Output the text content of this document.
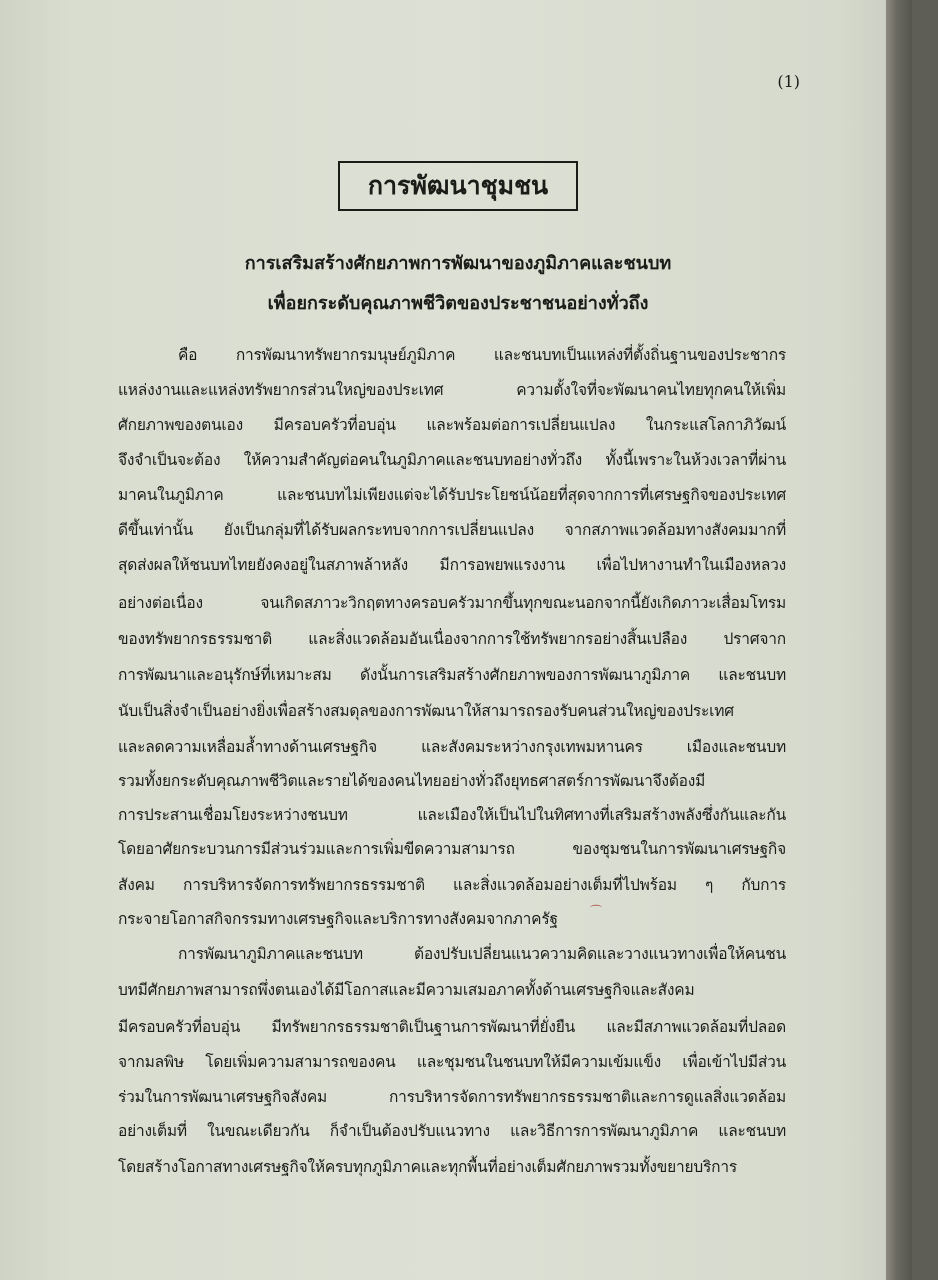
(1)
การพัฒนาชุมชน
การเสริมสร้างศักยภาพการพัฒนาของภูมิภาคและชนบท
เพื่อยกระดับคุณภาพชีวิตของประชาชนอย่างทั่วถึง
คือ การพัฒนาทรัพยากรมนุษย์ภูมิภาค และชนบทเป็นแหล่งที่ตั้งถิ่นฐานของประชากร
แหล่งงานและแหล่งทรัพยากรส่วนใหญ่ของประเทศ ความตั้งใจที่จะพัฒนาคนไทยทุกคนให้เพิ่ม
ศักยภาพของตนเอง มีครอบครัวที่อบอุ่น และพร้อมต่อการเปลี่ยนแปลง ในกระแสโลกาภิวัฒน์
จึงจำเป็นจะต้อง ให้ความสำคัญต่อคนในภูมิภาคและชนบทอย่างทั่วถึง ทั้งนี้เพราะในห้วงเวลาที่ผ่าน
มาคนในภูมิภาค และชนบทไม่เพียงแต่จะได้รับประโยชน์น้อยที่สุดจากการที่เศรษฐกิจของประเทศ
ดีขึ้นเท่านั้น ยังเป็นกลุ่มที่ได้รับผลกระทบจากการเปลี่ยนแปลง จากสภาพแวดล้อมทางสังคมมากที่
สุดส่งผลให้ชนบทไทยยังคงอยู่ในสภาพล้าหลัง มีการอพยพแรงงาน เพื่อไปหางานทำในเมืองหลวง
อย่างต่อเนื่อง จนเกิดสภาวะวิกฤตทางครอบครัวมากขึ้นทุกขณะนอกจากนี้ยังเกิดภาวะเสื่อมโทรม
ของทรัพยากรธรรมชาติ และสิ่งแวดล้อมอันเนื่องจากการใช้ทรัพยากรอย่างสิ้นเปลือง ปราศจาก
การพัฒนาและอนุรักษ์ที่เหมาะสม ดังนั้นการเสริมสร้างศักยภาพของการพัฒนาภูมิภาค และชนบท
นับเป็นสิ่งจำเป็นอย่างยิ่งเพื่อสร้างสมดุลของการพัฒนาให้สามารถรองรับคนส่วนใหญ่ของประเทศ
และลดความเหลื่อมล้ำทางด้านเศรษฐกิจ และสังคมระหว่างกรุงเทพมหานคร เมืองและชนบท
รวมทั้งยกระดับคุณภาพชีวิตและรายได้ของคนไทยอย่างทั่วถึงยุทธศาสตร์การพัฒนาจึงต้องมี
การประสานเชื่อมโยงระหว่างชนบท และเมืองให้เป็นไปในทิศทางที่เสริมสร้างพลังซึ่งกันและกัน
โดยอาศัยกระบวนการมีส่วนร่วมและการเพิ่มขีดความสามารถ ของชุมชนในการพัฒนาเศรษฐกิจ
สังคม การบริหารจัดการทรัพยากรธรรมชาติ และสิ่งแวดล้อมอย่างเต็มที่ไปพร้อม ๆ กับการ
กระจายโอกาสกิจกรรมทางเศรษฐกิจและบริการทางสังคมจากภาครัฐ	⌒
การพัฒนาภูมิภาคและชนบท ต้องปรับเปลี่ยนแนวความคิดและวางแนวทางเพื่อให้คนชน
บทมีศักยภาพสามารถพึ่งตนเองได้มีโอกาสและมีความเสมอภาคทั้งด้านเศรษฐกิจและสังคม
มีครอบครัวที่อบอุ่น มีทรัพยากรธรรมชาติเป็นฐานการพัฒนาที่ยั่งยืน และมีสภาพแวดล้อมที่ปลอด
จากมลพิษ โดยเพิ่มความสามารถของคน และชุมชนในชนบทให้มีความเข้มแข็ง เพื่อเข้าไปมีส่วน
ร่วมในการพัฒนาเศรษฐกิจสังคม การบริหารจัดการทรัพยากรธรรมชาติและการดูแลสิ่งแวดล้อม
อย่างเต็มที่ ในขณะเดียวกัน ก็จำเป็นต้องปรับแนวทาง และวิธีการการพัฒนาภูมิภาค และชนบท
โดยสร้างโอกาสทางเศรษฐกิจให้ครบทุกภูมิภาคและทุกพื้นที่อย่างเต็มศักยภาพรวมทั้งขยายบริการ
